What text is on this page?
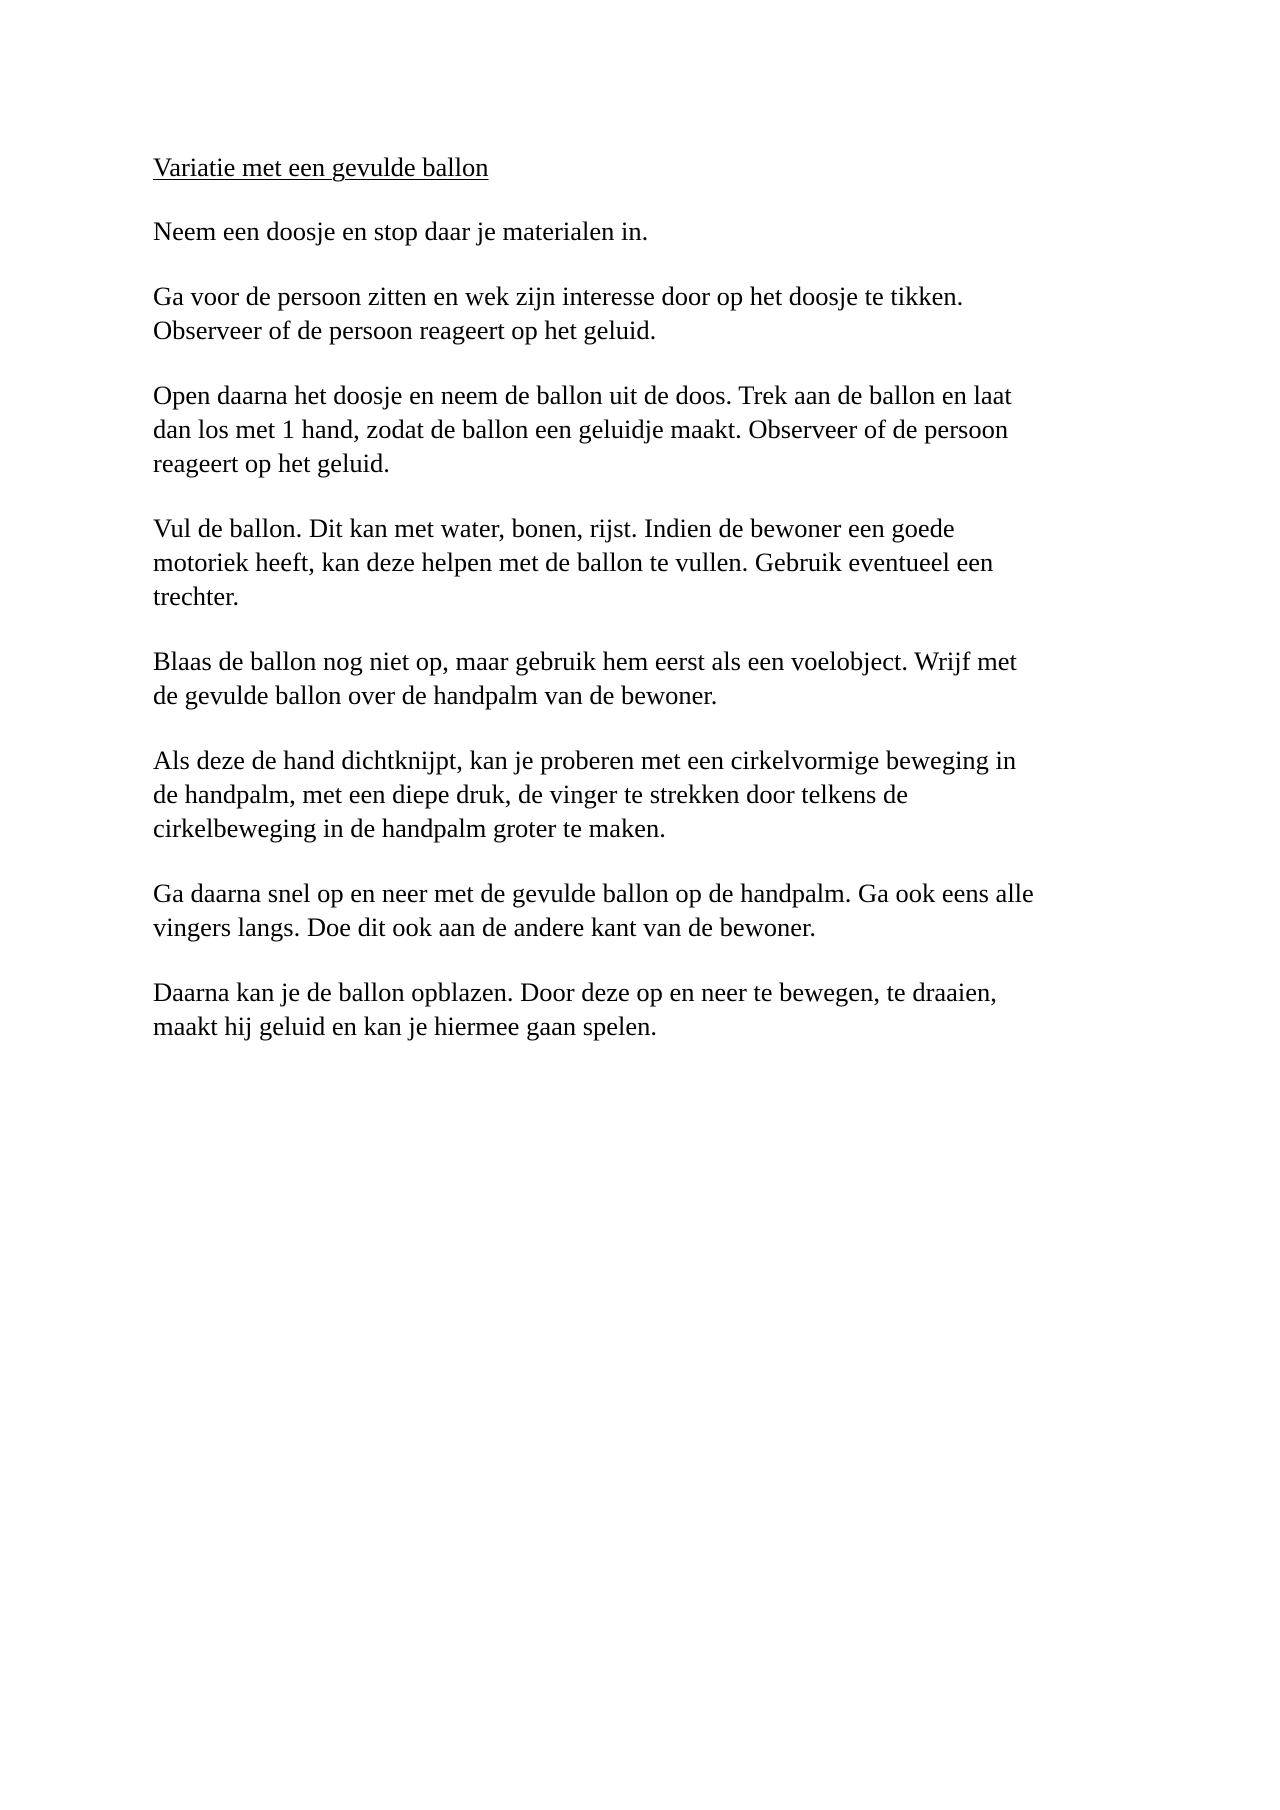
Variatie met een gevulde ballon

Neem een doosje en stop daar je materialen in.

Ga voor de persoon zitten en wek zijn interesse door op het doosje te tikken.
Observeer of de persoon reageert op het geluid.

Open daarna het doosje en neem de ballon uit de doos. Trek aan de ballon en laat
dan los met 1 hand, zodat de ballon een geluidje maakt. Observeer of de persoon
reageert op het geluid.

Vul de ballon. Dit kan met water, bonen, rijst. Indien de bewoner een goede
motoriek heeft, kan deze helpen met de ballon te vullen. Gebruik eventueel een
trechter.

Blaas de ballon nog niet op, maar gebruik hem eerst als een voelobject. Wrijf met
de gevulde ballon over de handpalm van de bewoner.

Als deze de hand dichtknijpt, kan je proberen met een cirkelvormige beweging in
de handpalm, met een diepe druk, de vinger te strekken door telkens de
cirkelbeweging in de handpalm groter te maken.

Ga daarna snel op en neer met de gevulde ballon op de handpalm. Ga ook eens alle
vingers langs. Doe dit ook aan de andere kant van de bewoner.

Daarna kan je de ballon opblazen. Door deze op en neer te bewegen, te draaien,
maakt hij geluid en kan je hiermee gaan spelen.
